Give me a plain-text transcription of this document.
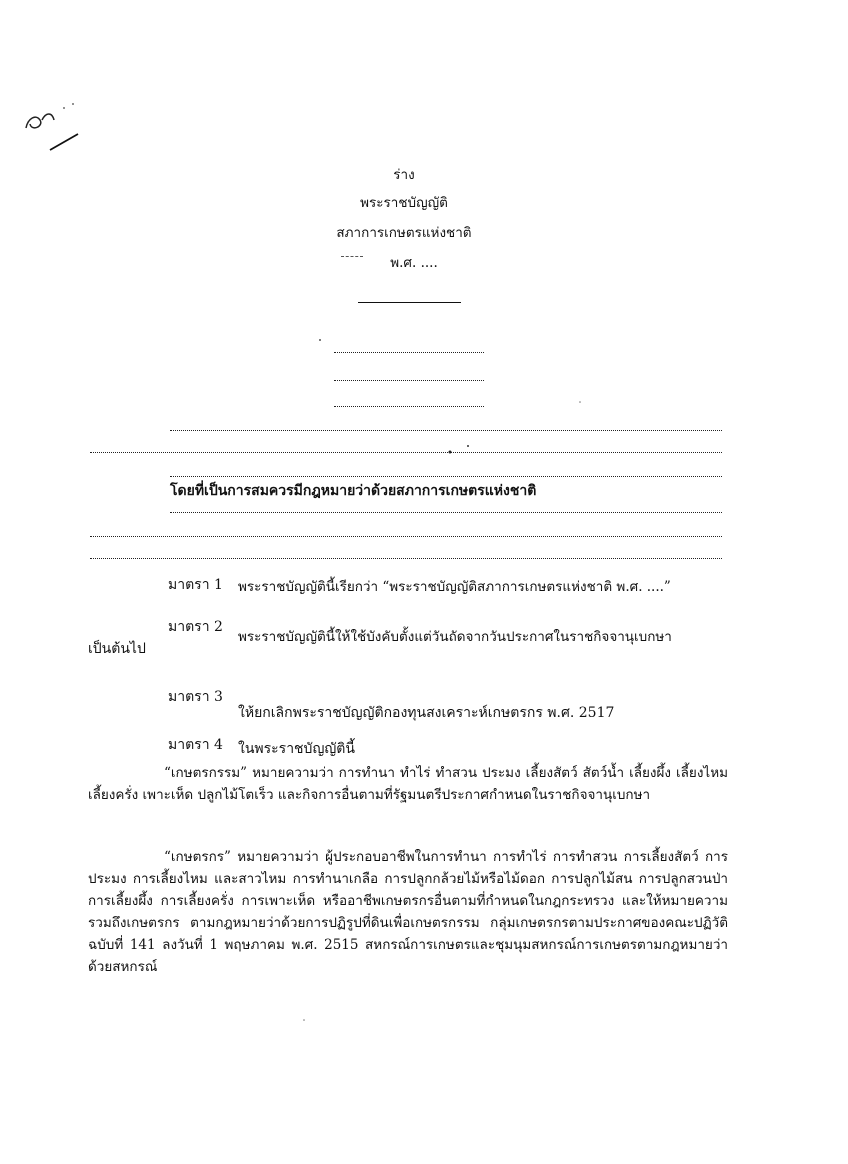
ร่าง
พระราชบัญญัติ
สภาการเกษตรแห่งชาติ
พ.ศ. ....
โดยที่เป็นการสมควรมีกฎหมายว่าด้วยสภาการเกษตรแห่งชาติ
มาตรา 1 พระราชบัญญัตินี้เรียกว่า “พระราชบัญญัติสภาการเกษตรแห่งชาติ พ.ศ. ....”
มาตรา 2
พระราชบัญญัตินี้ให้ใช้บังคับตั้งแต่วันถัดจากวันประกาศในราชกิจจานุเบกษา
เป็นต้นไป
มาตรา 3
ให้ยกเลิกพระราชบัญญัติกองทุนสงเคราะห์เกษตรกร พ.ศ. 2517
มาตรา 4 ในพระราชบัญญัตินี้
“เกษตรกรรม” หมายความว่า การทำนา ทำไร่ ทำสวน ประมง เลี้ยงสัตว์ สัตว์น้ำ เลี้ยงผึ้ง เลี้ยงไหม เลี้ยงครั่ง เพาะเห็ด ปลูกไม้โตเร็ว และกิจการอื่นตามที่รัฐมนตรีประกาศกำหนดในราชกิจจานุเบกษา
“เกษตรกร” หมายความว่า ผู้ประกอบอาชีพในการทำนา การทำไร่ การทำสวน การเลี้ยงสัตว์ การประมง การเลี้ยงไหม และสาวไหม การทำนาเกลือ การปลูกกล้วยไม้หรือไม้ดอก การปลูกไม้สน การปลูกสวนป่า การเลี้ยงผึ้ง การเลี้ยงครั่ง การเพาะเห็ด หรืออาชีพเกษตรกรอื่นตามที่กำหนดในกฎกระทรวง และให้หมายความรวมถึงเกษตรกร ตามกฎหมายว่าด้วยการปฏิรูปที่ดินเพื่อเกษตรกรรม กลุ่มเกษตรกรตามประกาศของคณะปฏิวัติ ฉบับที่ 141 ลงวันที่ 1 พฤษภาคม พ.ศ. 2515 สหกรณ์การเกษตรและชุมนุมสหกรณ์การเกษตรตามกฎหมายว่าด้วยสหกรณ์
